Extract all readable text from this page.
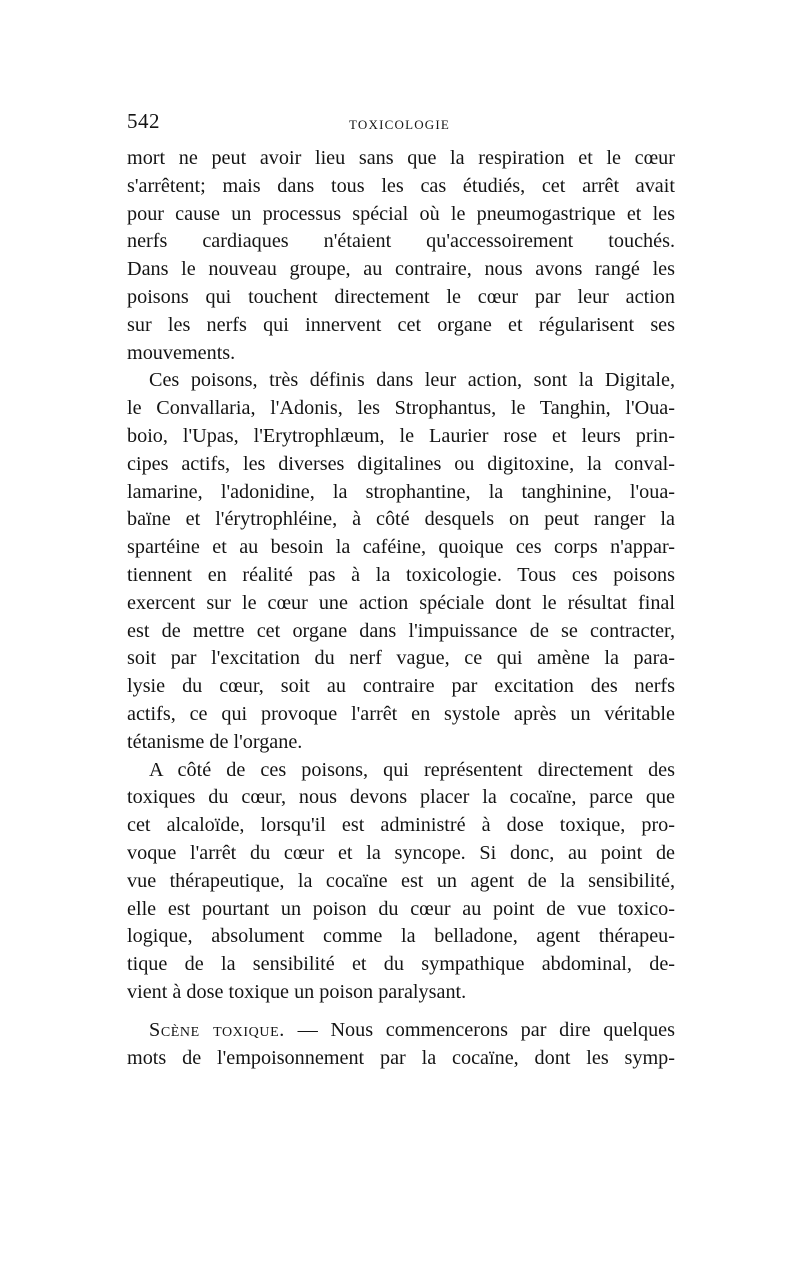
542	TOXICOLOGIE
mort ne peut avoir lieu sans que la respiration et le cœur
s'arrêtent; mais dans tous les cas étudiés, cet arrêt avait
pour cause un processus spécial où le pneumogastrique et les
nerfs cardiaques n'étaient qu'accessoirement touchés.
Dans le nouveau groupe, au contraire, nous avons rangé les
poisons qui touchent directement le cœur par leur action
sur les nerfs qui innervent cet organe et régularisent ses
mouvements.
Ces poisons, très définis dans leur action, sont la Digitale,
le Convallaria, l'Adonis, les Strophantus, le Tanghin, l'Oua-
boio, l'Upas, l'Erytrophlæum, le Laurier rose et leurs prin-
cipes actifs, les diverses digitalines ou digitoxine, la conval-
lamarine, l'adonidine, la strophantine, la tanghinine, l'oua-
baïne et l'érytrophléine, à côté desquels on peut ranger la
spartéine et au besoin la caféine, quoique ces corps n'appar-
tiennent en réalité pas à la toxicologie. Tous ces poisons
exercent sur le cœur une action spéciale dont le résultat final
est de mettre cet organe dans l'impuissance de se contracter,
soit par l'excitation du nerf vague, ce qui amène la para-
lysie du cœur, soit au contraire par excitation des nerfs
actifs, ce qui provoque l'arrêt en systole après un véritable
tétanisme de l'organe.
A côté de ces poisons, qui représentent directement des
toxiques du cœur, nous devons placer la cocaïne, parce que
cet alcaloïde, lorsqu'il est administré à dose toxique, pro-
voque l'arrêt du cœur et la syncope. Si donc, au point de
vue thérapeutique, la cocaïne est un agent de la sensibilité,
elle est pourtant un poison du cœur au point de vue toxico-
logique, absolument comme la belladone, agent thérapeu-
tique de la sensibilité et du sympathique abdominal, de-
vient à dose toxique un poison paralysant.
Scène toxique. — Nous commencerons par dire quelques
mots de l'empoisonnement par la cocaïne, dont les symp-
